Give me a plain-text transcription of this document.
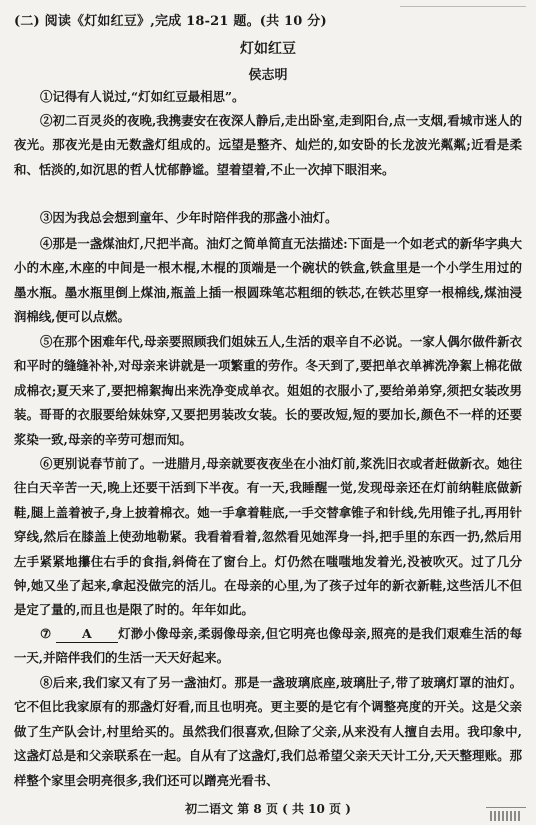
(二) 阅读《灯如红豆》,完成 18-21 题。(共 10 分)
灯如红豆
侯志明
①记得有人说过,“灯如红豆最相思”。
②初二百灵炎的夜晚,我携妻安在夜深人静后,走出卧室,走到阳台,点一支烟,看城市迷人的夜光。那夜光是由无数盏灯组成的。远望是整齐、灿烂的,如安卧的长龙波光粼粼;近看是柔和、恬淡的,如沉思的哲人忧郁静谧。望着望着,不止一次掉下眼泪来。
③因为我总会想到童年、少年时陪伴我的那盏小油灯。
④那是一盏煤油灯,尺把半高。油灯之简单简直无法描述:下面是一个如老式的新华字典大小的木座,木座的中间是一根木棍,木棍的顶端是一个碗状的铁盒,铁盒里是一个小学生用过的墨水瓶。墨水瓶里倒上煤油,瓶盖上插一根圆珠笔芯粗细的铁芯,在铁芯里穿一根棉线,煤油浸润棉线,便可以点燃。
⑤在那个困难年代,母亲要照顾我们姐妹五人,生活的艰辛自不必说。一家人偶尔做件新衣和平时的缝缝补补,对母亲来讲就是一项繁重的劳作。冬天到了,要把单衣单裤洗净絮上棉花做成棉衣;夏天来了,要把棉絮掏出来洗净变成单衣。姐姐的衣服小了,要给弟弟穿,须把女装改男装。哥哥的衣服要给妹妹穿,又要把男装改女装。长的要改短,短的要加长,颜色不一样的还要浆染一致,母亲的辛劳可想而知。
⑥更别说春节前了。一进腊月,母亲就要夜夜坐在小油灯前,浆洗旧衣或者赶做新衣。她往往白天辛苦一天,晚上还要干活到下半夜。有一天,我睡醒一觉,发现母亲还在灯前纳鞋底做新鞋,腿上盖着被子,身上披着棉衣。她一手拿着鞋底,一手交替拿锥子和针线,先用锥子扎,再用针穿线,然后在膝盖上使劲地勒紧。我看着看着,忽然看见她浑身一抖,把手里的东西一扔,然后用左手紧紧地攥住右手的食指,斜倚在了窗台上。灯仍然在嗤嗤地发着光,没被吹灭。过了几分钟,她又坐了起来,拿起没做完的活儿。在母亲的心里,为了孩子过年的新衣新鞋,这些活儿不但是定了量的,而且也是限了时的。年年如此。
⑦ A 灯渺小像母亲,柔弱像母亲,但它明亮也像母亲,照亮的是我们艰难生活的每一天,并陪伴我们的生活一天天好起来。
⑧后来,我们家又有了另一盏油灯。那是一盏玻璃底座,玻璃肚子,带了玻璃灯罩的油灯。它不但比我家原有的那盏灯好看,而且也明亮。更主要的是它有个调整亮度的开关。这是父亲做了生产队会计,村里给买的。虽然我们很喜欢,但除了父亲,从来没有人擅自去用。我印象中,这盏灯总是和父亲联系在一起。自从有了这盏灯,我们总希望父亲天天计工分,天天整理账。那样整个家里会明亮很多,我们还可以蹭亮光看书、
初二语文 第 8 页 ( 共 10 页 )
